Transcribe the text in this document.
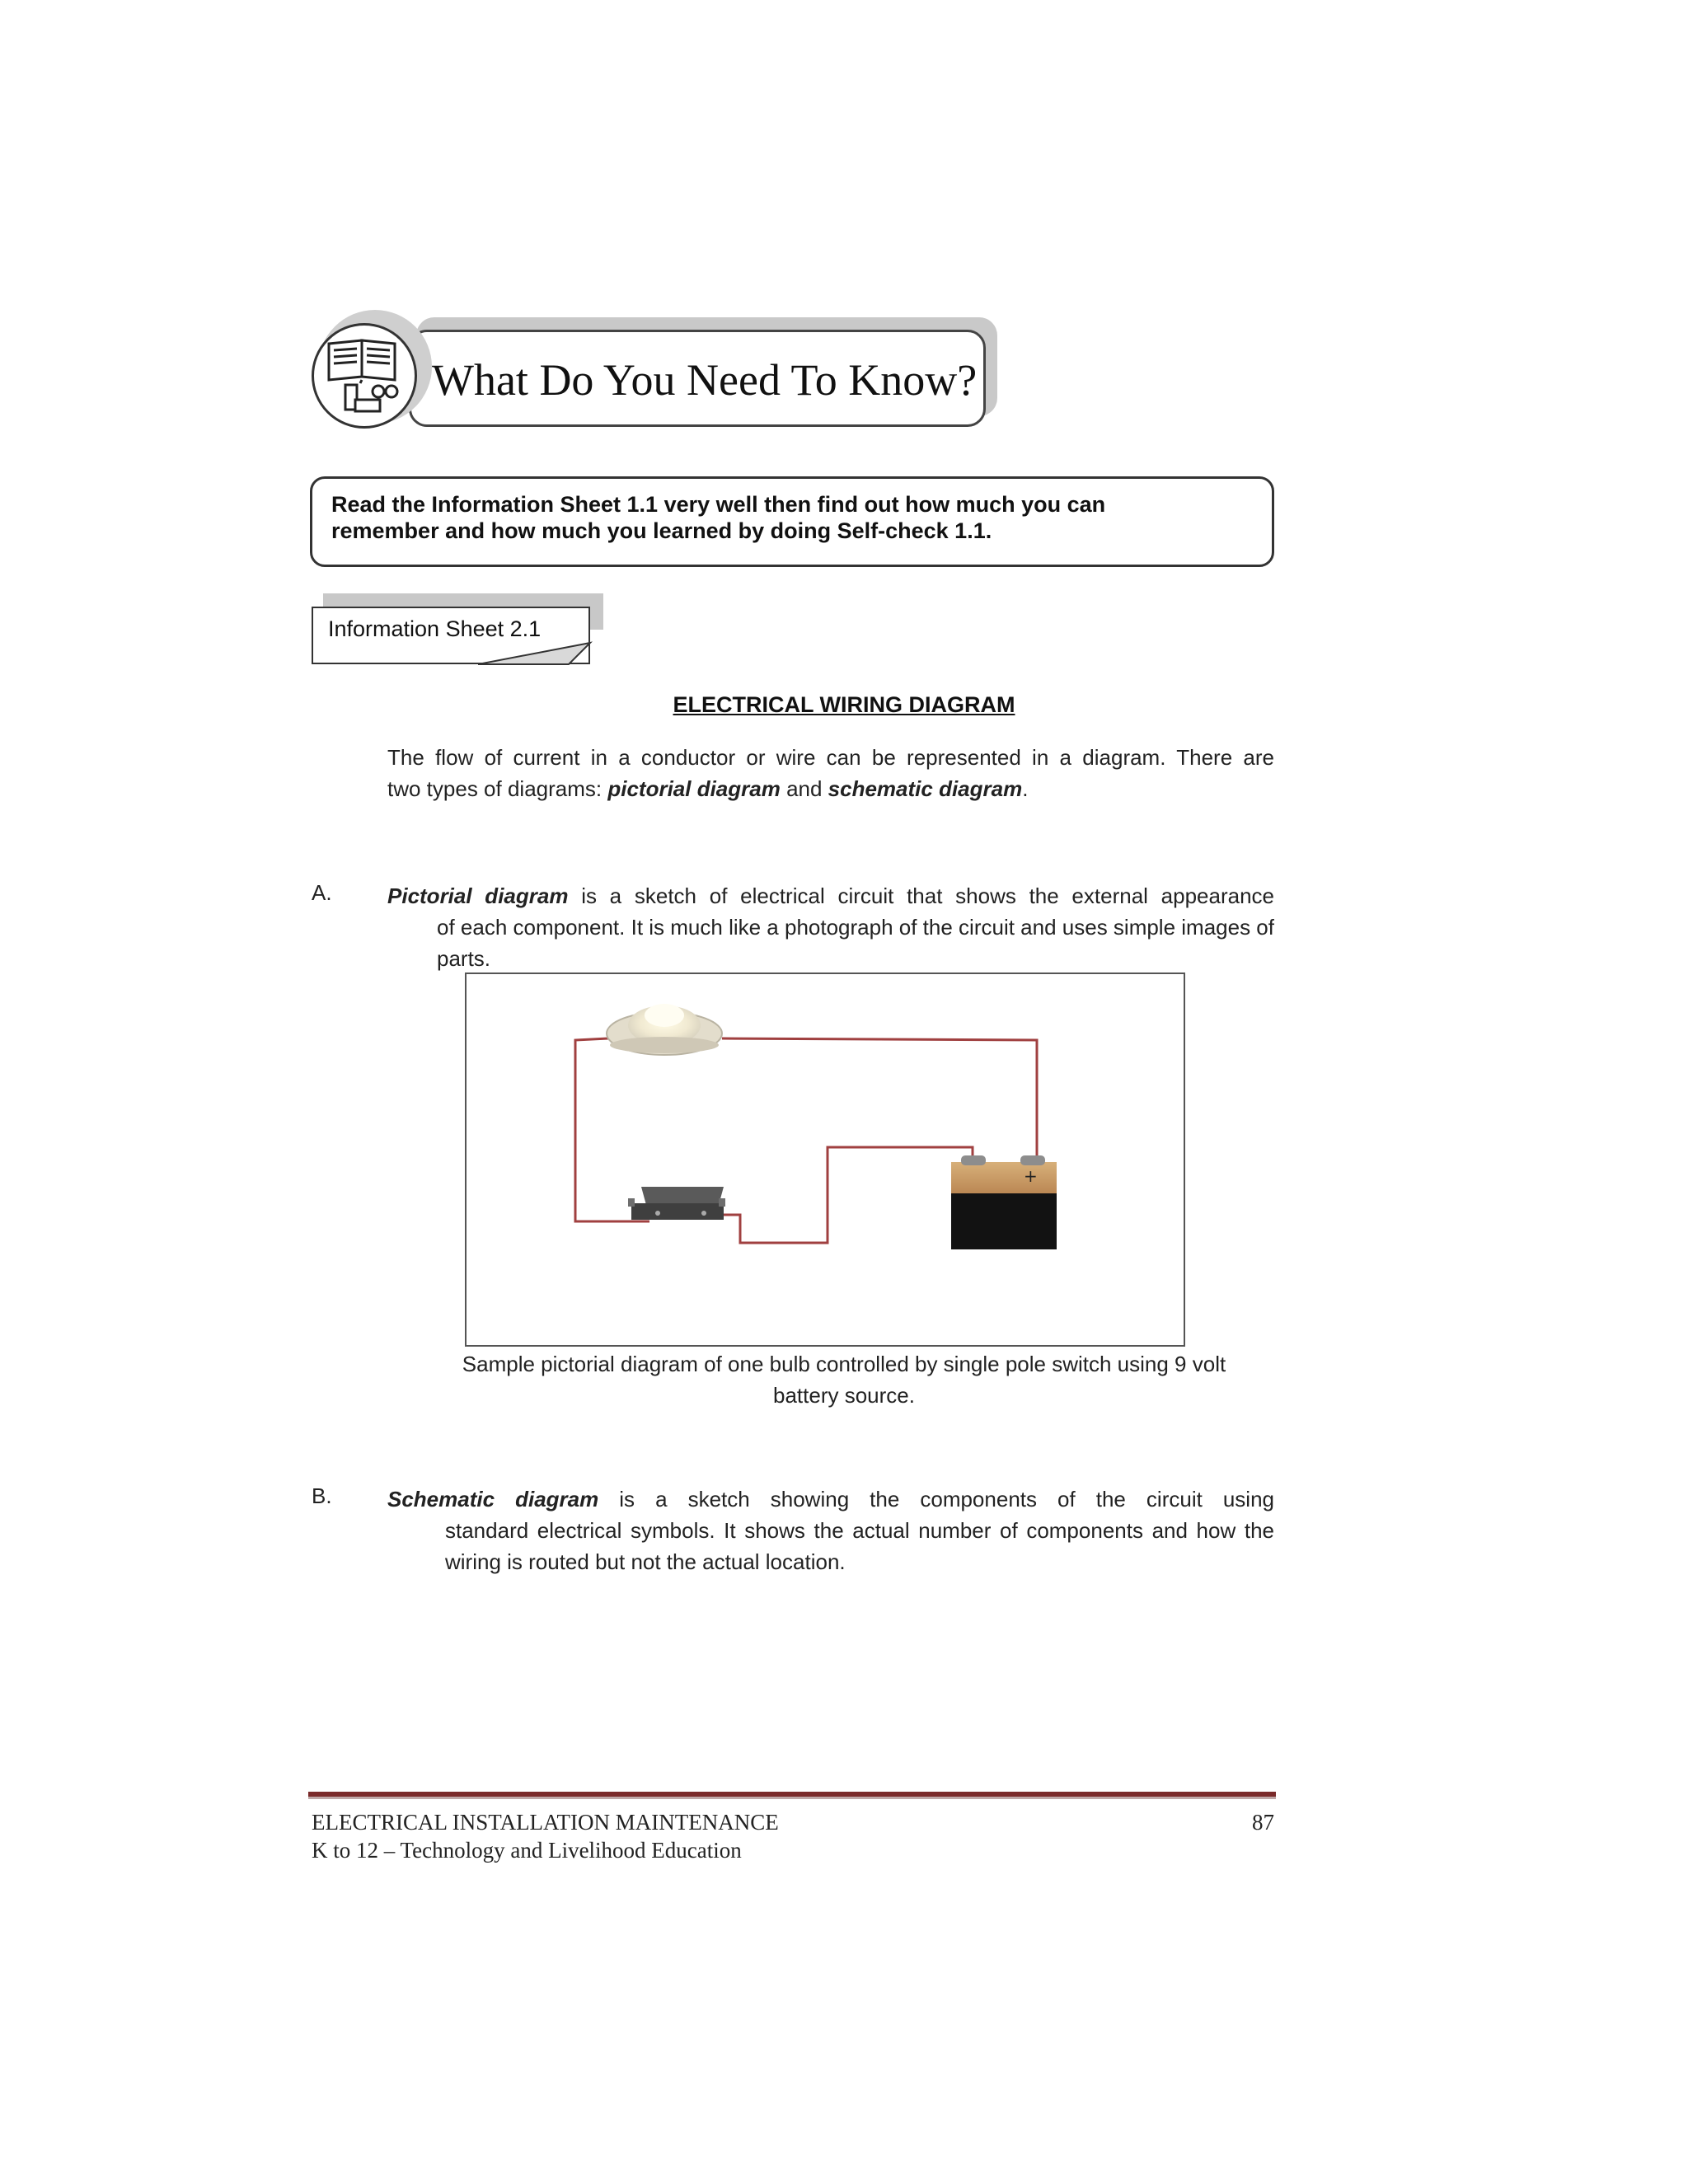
What Do You Need To Know?
Read the Information Sheet 1.1 very well then find out how much you can
remember and how much you learned by doing Self-check 1.1.
Information Sheet 2.1
ELECTRICAL WIRING DIAGRAM
The flow of current in a conductor or wire can be represented in a diagram. There are
two types of diagrams: pictorial diagram and schematic diagram.
A.	Pictorial diagram is a sketch of electrical circuit that shows the external appearance
of each component. It is much like a photograph of the circuit and uses simple images of parts.
+
Sample pictorial diagram of one bulb controlled by single pole switch using 9 volt
battery source.
B.	Schematic diagram is a sketch showing the components of the circuit using
standard electrical symbols. It shows the actual number of components and how the wiring is routed but not the actual location.
ELECTRICAL INSTALLATION MAINTENANCE
K to 12 – Technology and Livelihood Education
87
